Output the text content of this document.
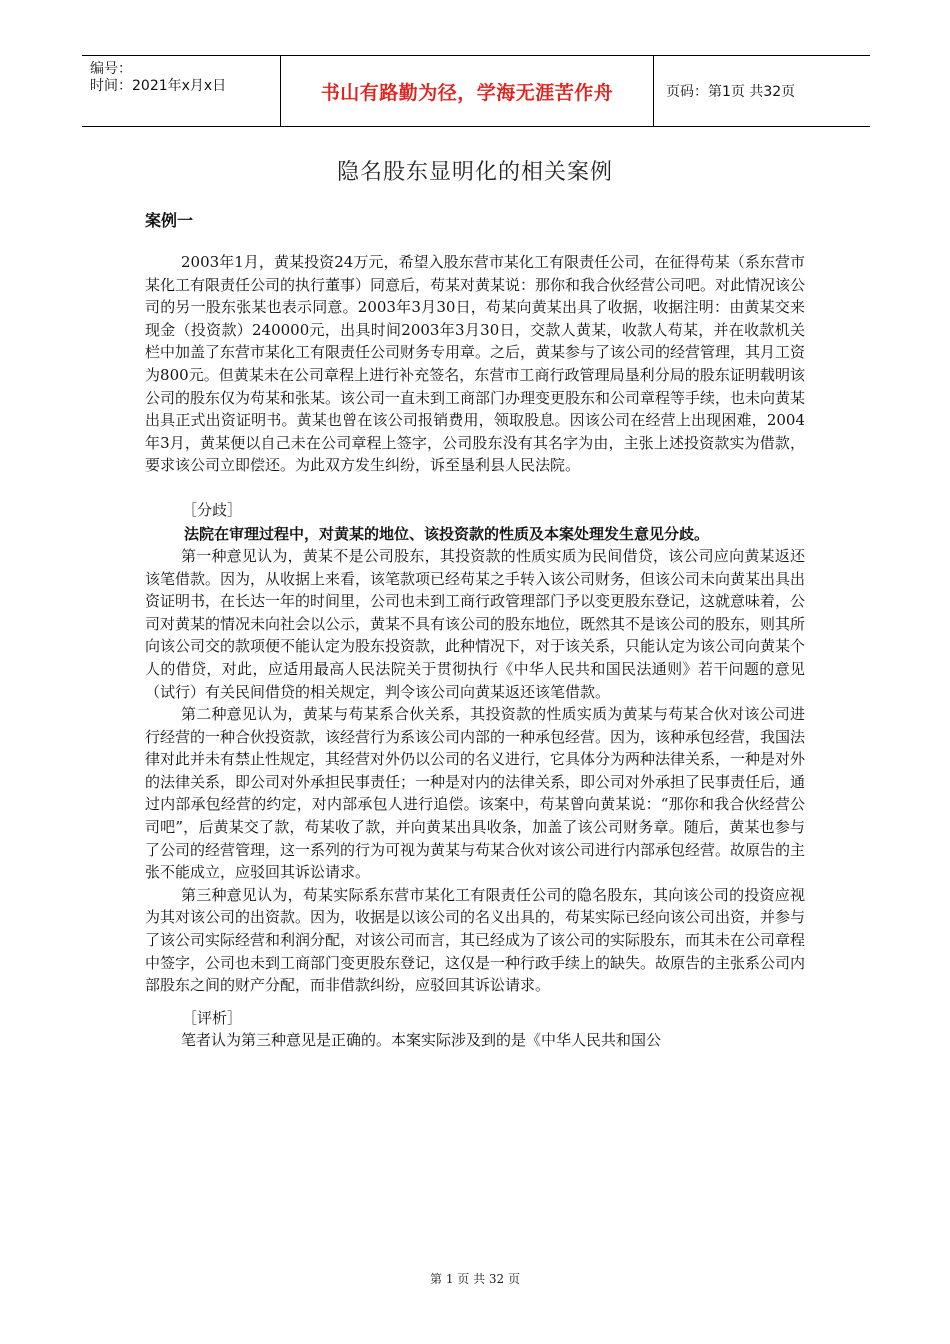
编号：
时间：2021年x月x日	书山有路勤为径，学海无涯苦作舟	页码：第1页 共32页
隐名股东显明化的相关案例
案例一

2003年1月，黄某投资24万元，希望入股东营市某化工有限责任公司，在征得苟某（系东营市某化工有限责任公司的执行董事）同意后，苟某对黄某说：那你和我合伙经营公司吧。对此情况该公司的另一股东张某也表示同意。2003年3月30日，苟某向黄某出具了收据，收据注明：由黄某交来现金（投资款）240000元，出具时间2003年3月30日，交款人黄某，收款人苟某，并在收款机关栏中加盖了东营市某化工有限责任公司财务专用章。之后，黄某参与了该公司的经营管理，其月工资为800元。但黄某未在公司章程上进行补充签名，东营市工商行政管理局垦利分局的股东证明载明该公司的股东仅为苟某和张某。该公司一直未到工商部门办理变更股东和公司章程等手续，也未向黄某出具正式出资证明书。黄某也曾在该公司报销费用，领取股息。因该公司在经营上出现困难，2004年3月，黄某便以自己未在公司章程上签字，公司股东没有其名字为由，主张上述投资款实为借款，要求该公司立即偿还。为此双方发生纠纷，诉至垦利县人民法院。

［分歧］

法院在审理过程中，对黄某的地位、该投资款的性质及本案处理发生意见分歧。

第一种意见认为，黄某不是公司股东，其投资款的性质实质为民间借贷，该公司应向黄某返还该笔借款。因为，从收据上来看，该笔款项已经苟某之手转入该公司财务，但该公司未向黄某出具出资证明书，在长达一年的时间里，公司也未到工商行政管理部门予以变更股东登记，这就意味着，公司对黄某的情况未向社会以公示，黄某不具有该公司的股东地位，既然其不是该公司的股东，则其所向该公司交的款项便不能认定为股东投资款，此种情况下，对于该关系，只能认定为该公司向黄某个人的借贷，对此，应适用最高人民法院关于贯彻执行《中华人民共和国民法通则》若干问题的意见（试行）有关民间借贷的相关规定，判令该公司向黄某返还该笔借款。

第二种意见认为，黄某与苟某系合伙关系，其投资款的性质实质为黄某与苟某合伙对该公司进行经营的一种合伙投资款，该经营行为系该公司内部的一种承包经营。因为，该种承包经营，我国法律对此并未有禁止性规定，其经营对外仍以公司的名义进行，它具体分为两种法律关系，一种是对外的法律关系，即公司对外承担民事责任；一种是对内的法律关系，即公司对外承担了民事责任后，通过内部承包经营的约定，对内部承包人进行追偿。该案中，苟某曾向黄某说：“那你和我合伙经营公司吧”，后黄某交了款，苟某收了款，并向黄某出具收条，加盖了该公司财务章。随后，黄某也参与了公司的经营管理，这一系列的行为可视为黄某与苟某合伙对该公司进行内部承包经营。故原告的主张不能成立，应驳回其诉讼请求。

第三种意见认为，苟某实际系东营市某化工有限责任公司的隐名股东，其向该公司的投资应视为其对该公司的出资款。因为，收据是以该公司的名义出具的，苟某实际已经向该公司出资，并参与了该公司实际经营和利润分配，对该公司而言，其已经成为了该公司的实际股东，而其未在公司章程中签字，公司也未到工商部门变更股东登记，这仅是一种行政手续上的缺失。故原告的主张系公司内部股东之间的财产分配，而非借款纠纷，应驳回其诉讼请求。

［评析］

笔者认为第三种意见是正确的。本案实际涉及到的是《中华人民共和国公

第 1 页 共 32 页
